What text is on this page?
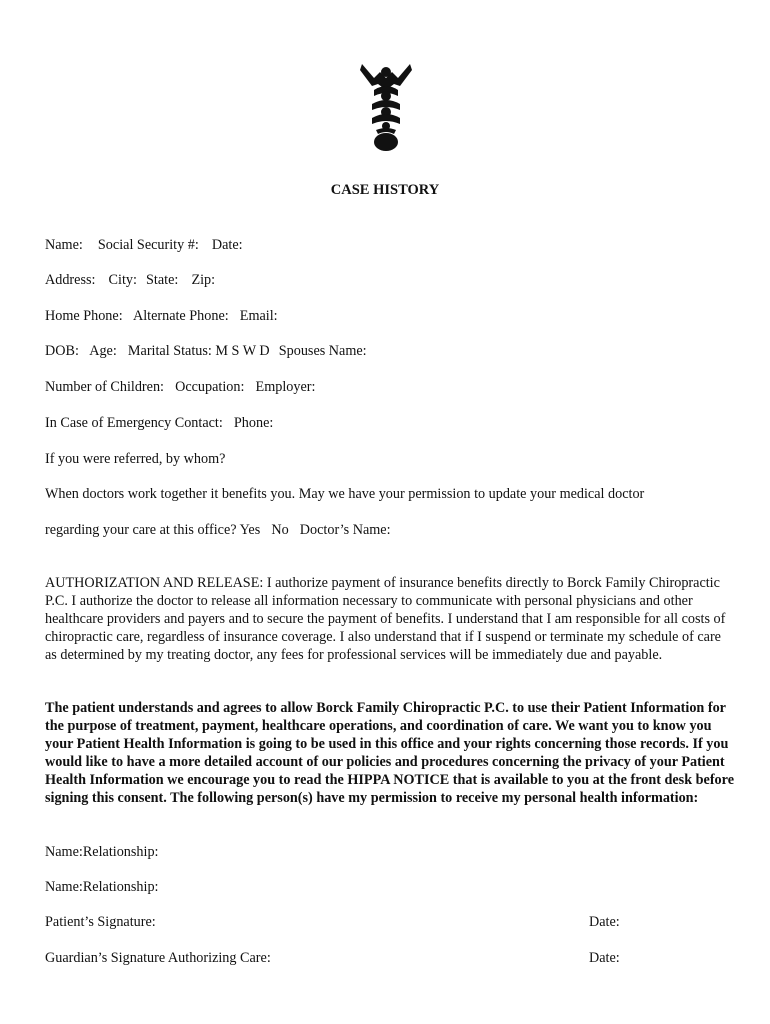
CASE HISTORY
Name: Social Security #: Date:
Address: City: State: Zip:
Home Phone: Alternate Phone: Email:
DOB: Age: Marital Status: M S W D Spouses Name:
Number of Children: Occupation: Employer:
In Case of Emergency Contact: Phone:
If you were referred, by whom?
When doctors work together it benefits you. May we have your permission to update your medical doctor
regarding your care at this office? Yes No Doctor’s Name:
AUTHORIZATION AND RELEASE: I authorize payment of insurance benefits directly to Borck Family Chiropractic P.C. I authorize the doctor to release all information necessary to communicate with personal physicians and other healthcare providers and payers and to secure the payment of benefits. I understand that I am responsible for all costs of chiropractic care, regardless of insurance coverage. I also understand that if I suspend or terminate my schedule of care as determined by my treating doctor, any fees for professional services will be immediately due and payable.
The patient understands and agrees to allow Borck Family Chiropractic P.C. to use their Patient Information for the purpose of treatment, payment, healthcare operations, and coordination of care. We want you to know you your Patient Health Information is going to be used in this office and your rights concerning those records. If you would like to have a more detailed account of our policies and procedures concerning the privacy of your Patient Health Information we encourage you to read the HIPPA NOTICE that is available to you at the front desk before signing this consent. The following person(s) have my permission to receive my personal health information:
Name:Relationship:
Name:Relationship:
Patient’s Signature:	Date:
Guardian’s Signature Authorizing Care:	Date:
